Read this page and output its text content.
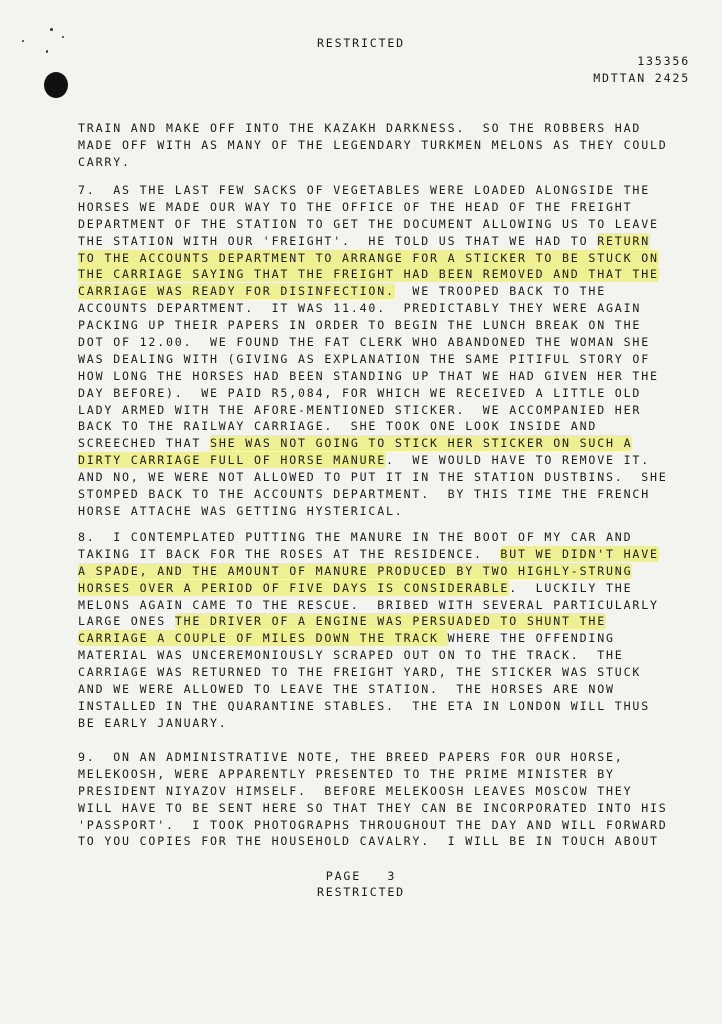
RESTRICTED
135356
MDTTAN 2425
TRAIN AND MAKE OFF INTO THE KAZAKH DARKNESS.  SO THE ROBBERS HAD
MADE OFF WITH AS MANY OF THE LEGENDARY TURKMEN MELONS AS THEY COULD
CARRY.
7.  AS THE LAST FEW SACKS OF VEGETABLES WERE LOADED ALONGSIDE THE
HORSES WE MADE OUR WAY TO THE OFFICE OF THE HEAD OF THE FREIGHT
DEPARTMENT OF THE STATION TO GET THE DOCUMENT ALLOWING US TO LEAVE
THE STATION WITH OUR 'FREIGHT'.  HE TOLD US THAT WE HAD TO RETURN
TO THE ACCOUNTS DEPARTMENT TO ARRANGE FOR A STICKER TO BE STUCK ON
THE CARRIAGE SAYING THAT THE FREIGHT HAD BEEN REMOVED AND THAT THE
CARRIAGE WAS READY FOR DISINFECTION.  WE TROOPED BACK TO THE
ACCOUNTS DEPARTMENT.  IT WAS 11.40.  PREDICTABLY THEY WERE AGAIN
PACKING UP THEIR PAPERS IN ORDER TO BEGIN THE LUNCH BREAK ON THE
DOT OF 12.00.  WE FOUND THE FAT CLERK WHO ABANDONED THE WOMAN SHE
WAS DEALING WITH (GIVING AS EXPLANATION THE SAME PITIFUL STORY OF
HOW LONG THE HORSES HAD BEEN STANDING UP THAT WE HAD GIVEN HER THE
DAY BEFORE).  WE PAID R5,084, FOR WHICH WE RECEIVED A LITTLE OLD
LADY ARMED WITH THE AFORE-MENTIONED STICKER.  WE ACCOMPANIED HER
BACK TO THE RAILWAY CARRIAGE.  SHE TOOK ONE LOOK INSIDE AND
SCREECHED THAT SHE WAS NOT GOING TO STICK HER STICKER ON SUCH A
DIRTY CARRIAGE FULL OF HORSE MANURE.  WE WOULD HAVE TO REMOVE IT.
AND NO, WE WERE NOT ALLOWED TO PUT IT IN THE STATION DUSTBINS.  SHE
STOMPED BACK TO THE ACCOUNTS DEPARTMENT.  BY THIS TIME THE FRENCH
HORSE ATTACHE WAS GETTING HYSTERICAL.
8.  I CONTEMPLATED PUTTING THE MANURE IN THE BOOT OF MY CAR AND
TAKING IT BACK FOR THE ROSES AT THE RESIDENCE.  BUT WE DIDN'T HAVE
A SPADE, AND THE AMOUNT OF MANURE PRODUCED BY TWO HIGHLY-STRUNG
HORSES OVER A PERIOD OF FIVE DAYS IS CONSIDERABLE.  LUCKILY THE
MELONS AGAIN CAME TO THE RESCUE.  BRIBED WITH SEVERAL PARTICULARLY
LARGE ONES THE DRIVER OF A ENGINE WAS PERSUADED TO SHUNT THE
CARRIAGE A COUPLE OF MILES DOWN THE TRACK WHERE THE OFFENDING
MATERIAL WAS UNCEREMONIOUSLY SCRAPED OUT ON TO THE TRACK.  THE
CARRIAGE WAS RETURNED TO THE FREIGHT YARD, THE STICKER WAS STUCK
AND WE WERE ALLOWED TO LEAVE THE STATION.  THE HORSES ARE NOW
INSTALLED IN THE QUARANTINE STABLES.  THE ETA IN LONDON WILL THUS
BE EARLY JANUARY.
9.  ON AN ADMINISTRATIVE NOTE, THE BREED PAPERS FOR OUR HORSE,
MELEKOOSH, WERE APPARENTLY PRESENTED TO THE PRIME MINISTER BY
PRESIDENT NIYAZOV HIMSELF.  BEFORE MELEKOOSH LEAVES MOSCOW THEY
WILL HAVE TO BE SENT HERE SO THAT THEY CAN BE INCORPORATED INTO HIS
'PASSPORT'.  I TOOK PHOTOGRAPHS THROUGHOUT THE DAY AND WILL FORWARD
TO YOU COPIES FOR THE HOUSEHOLD CAVALRY.  I WILL BE IN TOUCH ABOUT
PAGE   3
RESTRICTED
